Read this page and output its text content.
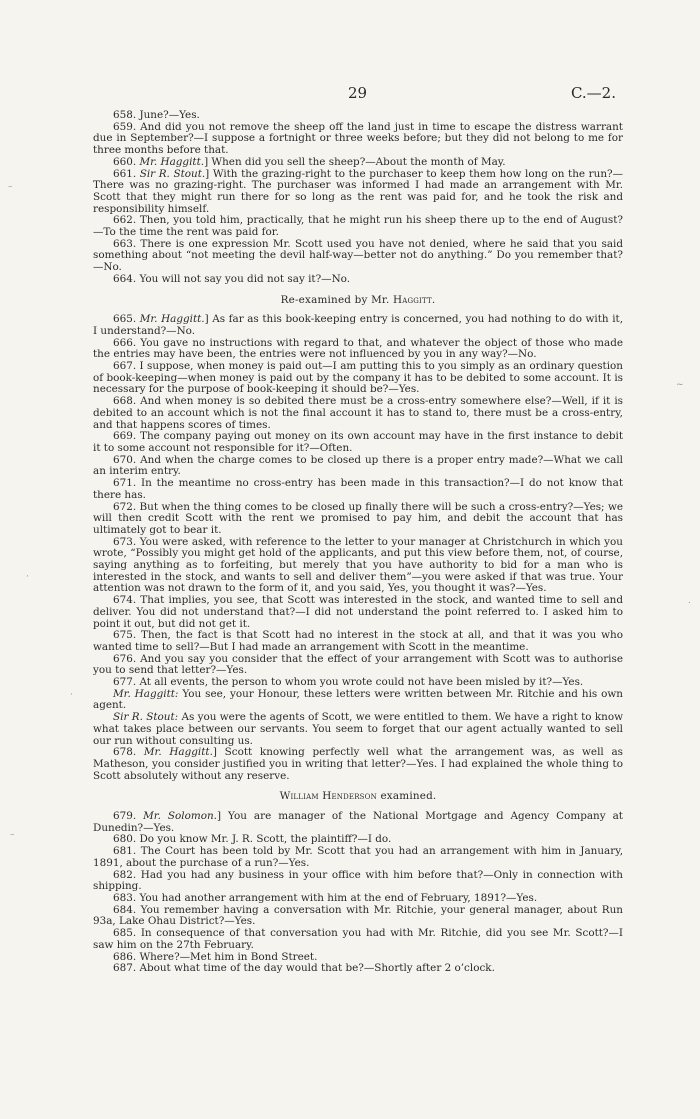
29	C.—2.
–
~
·
.
·
–

658. June?—Yes.

659. And did you not remove the sheep off the land just in time to escape the distress warrant due in September?—I suppose a fortnight or three weeks before; but they did not belong to me for three months before that.

660. Mr. Haggitt.] When did you sell the sheep?—About the month of May.

661. Sir R. Stout.] With the grazing-right to the purchaser to keep them how long on the run?—There was no grazing-right. The purchaser was informed I had made an arrangement with Mr. Scott that they might run there for so long as the rent was paid for, and he took the risk and responsibility himself.

662. Then, you told him, practically, that he might run his sheep there up to the end of August?—To the time the rent was paid for.

663. There is one expression Mr. Scott used you have not denied, where he said that you said something about “not meeting the devil half-way—better not do anything.” Do you remember that?—No.

664. You will not say you did not say it?—No.

Re-examined by Mr. Haggitt.

665. Mr. Haggitt.] As far as this book-keeping entry is concerned, you had nothing to do with it, I understand?—No.

666. You gave no instructions with regard to that, and whatever the object of those who made the entries may have been, the entries were not influenced by you in any way?—No.

667. I suppose, when money is paid out—I am putting this to you simply as an ordinary question of book-keeping—when money is paid out by the company it has to be debited to some account. It is necessary for the purpose of book-keeping it should be?—Yes.

668. And when money is so debited there must be a cross-entry somewhere else?—Well, if it is debited to an account which is not the final account it has to stand to, there must be a cross-entry, and that happens scores of times.

669. The company paying out money on its own account may have in the first instance to debit it to some account not responsible for it?—Often.

670. And when the charge comes to be closed up there is a proper entry made?—What we call an interim entry.

671. In the meantime no cross-entry has been made in this transaction?—I do not know that there has.

672. But when the thing comes to be closed up finally there will be such a cross-entry?—Yes; we will then credit Scott with the rent we promised to pay him, and debit the account that has ultimately got to bear it.

673. You were asked, with reference to the letter to your manager at Christchurch in which you wrote, “Possibly you might get hold of the applicants, and put this view before them, not, of course, saying anything as to forfeiting, but merely that you have authority to bid for a man who is interested in the stock, and wants to sell and deliver them”—you were asked if that was true. Your attention was not drawn to the form of it, and you said, Yes, you thought it was?—Yes.

674. That implies, you see, that Scott was interested in the stock, and wanted time to sell and deliver. You did not understand that?—I did not understand the point referred to. I asked him to point it out, but did not get it.

675. Then, the fact is that Scott had no interest in the stock at all, and that it was you who wanted time to sell?—But I had made an arrangement with Scott in the meantime.

676. And you say you consider that the effect of your arrangement with Scott was to authorise you to send that letter?—Yes.

677. At all events, the person to whom you wrote could not have been misled by it?—Yes.

Mr. Haggitt: You see, your Honour, these letters were written between Mr. Ritchie and his own agent.

Sir R. Stout: As you were the agents of Scott, we were entitled to them. We have a right to know what takes place between our servants. You seem to forget that our agent actually wanted to sell our run without consulting us.

678. Mr. Haggitt.] Scott knowing perfectly well what the arrangement was, as well as Matheson, you consider justified you in writing that letter?—Yes. I had explained the whole thing to Scott absolutely without any reserve.

William Henderson examined.

679. Mr. Solomon.] You are manager of the National Mortgage and Agency Company at Dunedin?—Yes.

680. Do you know Mr. J. R. Scott, the plaintiff?—I do.

681. The Court has been told by Mr. Scott that you had an arrangement with him in January, 1891, about the purchase of a run?—Yes.

682. Had you had any business in your office with him before that?—Only in connection with shipping.

683. You had another arrangement with him at the end of February, 1891?—Yes.

684. You remember having a conversation with Mr. Ritchie, your general manager, about Run 93a, Lake Ohau District?—Yes.

685. In consequence of that conversation you had with Mr. Ritchie, did you see Mr. Scott?—I saw him on the 27th February.

686. Where?—Met him in Bond Street.

687. About what time of the day would that be?—Shortly after 2 o’clock.
